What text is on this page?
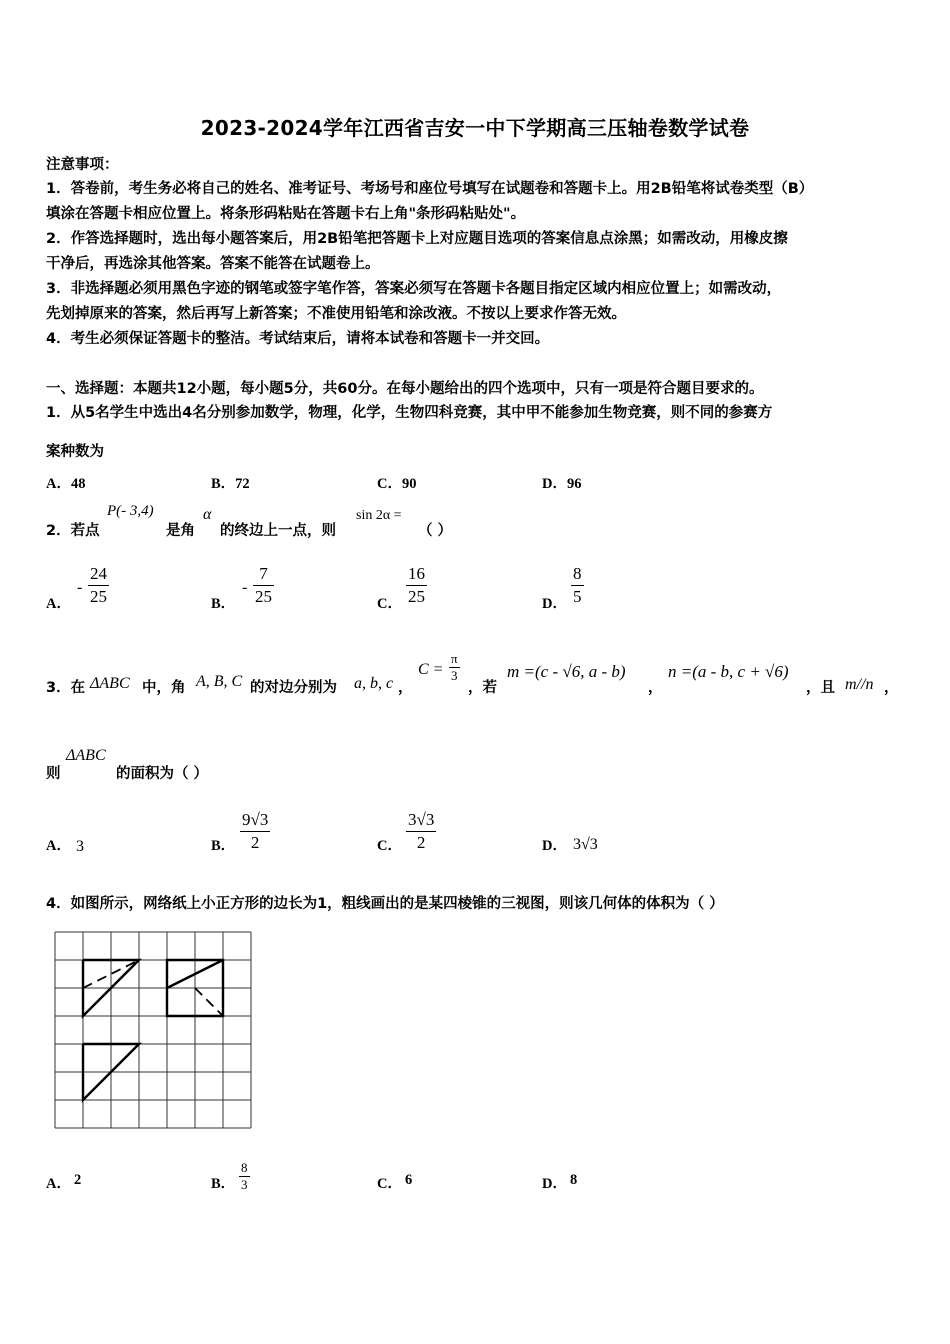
2023-2024学年江西省吉安一中下学期高三压轴卷数学试卷
注意事项：
1．答卷前，考生务必将自己的姓名、准考证号、考场号和座位号填写在试题卷和答题卡上。用2B铅笔将试卷类型（B）
填涂在答题卡相应位置上。将条形码粘贴在答题卡右上角"条形码粘贴处"。
2．作答选择题时，选出每小题答案后，用2B铅笔把答题卡上对应题目选项的答案信息点涂黑；如需改动，用橡皮擦
干净后，再选涂其他答案。答案不能答在试题卷上。
3．非选择题必须用黑色字迹的钢笔或签字笔作答，答案必须写在答题卡各题目指定区域内相应位置上；如需改动，
先划掉原来的答案，然后再写上新答案；不准使用铅笔和涂改液。不按以上要求作答无效。
4．考生必须保证答题卡的整洁。考试结束后，请将本试卷和答题卡一并交回。
一、选择题：本题共12小题，每小题5分，共60分。在每小题给出的四个选项中，只有一项是符合题目要求的。
1．从5名学生中选出4名分别参加数学，物理，化学，生物四科竞赛，其中甲不能参加生物竞赛，则不同的参赛方
案种数为
A．48	B．72	C．90	D．96
2．若点
P(- 3,4)
是角
α
的终边上一点，则
sin 2α =
（ ）
A．
- $\frac{24}{25}$	B．
- $\frac{7}{25}$	C． $\frac{16}{25}$	D． $\frac{8}{5}$
3．在 ΔABC 中，角 A, B, C 的对边分别为 a, b, c ，
$C = \frac{\pi}{3}$
，若
m =(c - √6, a - b)
，
n =(a - b, c + √6)
，且 m//n ，
则
ΔABC
的面积为（ ）
A． 3	B． $\frac{9√3}{2}$	C． $\frac{3√3}{2}$	D． 3√3
4．如图所示，网络纸上小正方形的边长为1，粗线画出的是某四棱锥的三视图，则该几何体的体积为（ ）
A． 2	B． $\frac{8}{3}$	C． 6	D． 8
